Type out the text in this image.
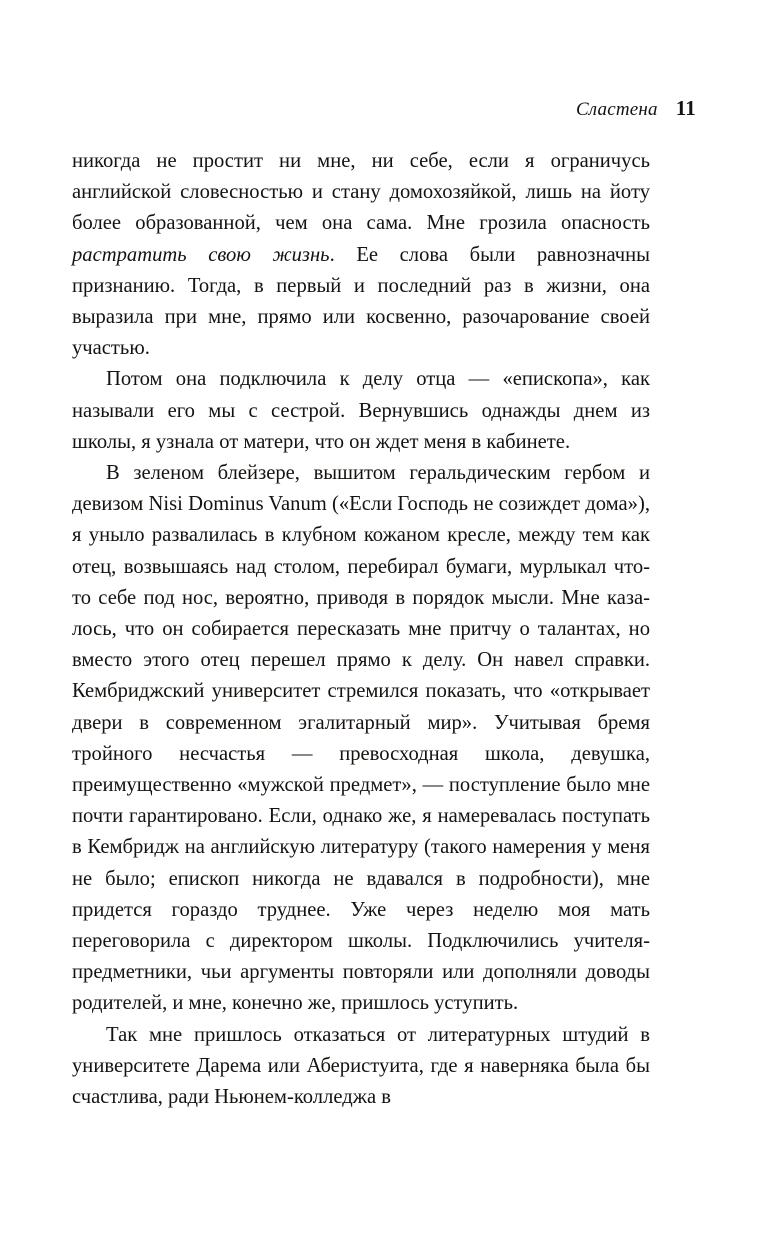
Сластена 11

никогда не простит ни мне, ни себе, если я ограничусь английской словесностью и стану домохозяйкой, лишь на йоту более образованной, чем она сама. Мне грозила опасность растратить свою жизнь. Ее слова были равнозначны признанию. Тогда, в первый и последний раз в жизни, она выразила при мне, прямо или косвенно, разочарование своей участью.

Потом она подключила к делу отца — «епископа», как называли его мы с сестрой. Вернувшись однажды днем из школы, я узнала от матери, что он ждет меня в кабинете.

В зеленом блейзере, вышитом геральдическим гербом и девизом Nisi Dominus Vanum («Если Господь не созиждет дома»), я уныло развалилась в клубном кожаном кресле, между тем как отец, возвышаясь над столом, перебирал бумаги, мурлыкал что-то себе под нос, вероятно, приводя в порядок мысли. Мне казалось, что он собирается пересказать мне притчу о талантах, но вместо этого отец перешел прямо к делу. Он навел справки. Кембриджский университет стремился показать, что «открывает двери в современном эгалитарный мир». Учитывая бремя тройного несчастья — превосходная школа, девушка, преимущественно «мужской предмет», — поступление было мне почти гарантировано. Если, однако же, я намеревалась поступать в Кембридж на английскую литературу (такого намерения у меня не было; епископ никогда не вдавался в подробности), мне придется гораздо труднее. Уже через неделю моя мать переговорила с директором школы. Подключились учителя-предметники, чьи аргументы повторяли или дополняли доводы родителей, и мне, конечно же, пришлось уступить.

Так мне пришлось отказаться от литературных штудий в университете Дарема или Аберистуита, где я наверняка была бы счастлива, ради Ньюнем-колледжа в
